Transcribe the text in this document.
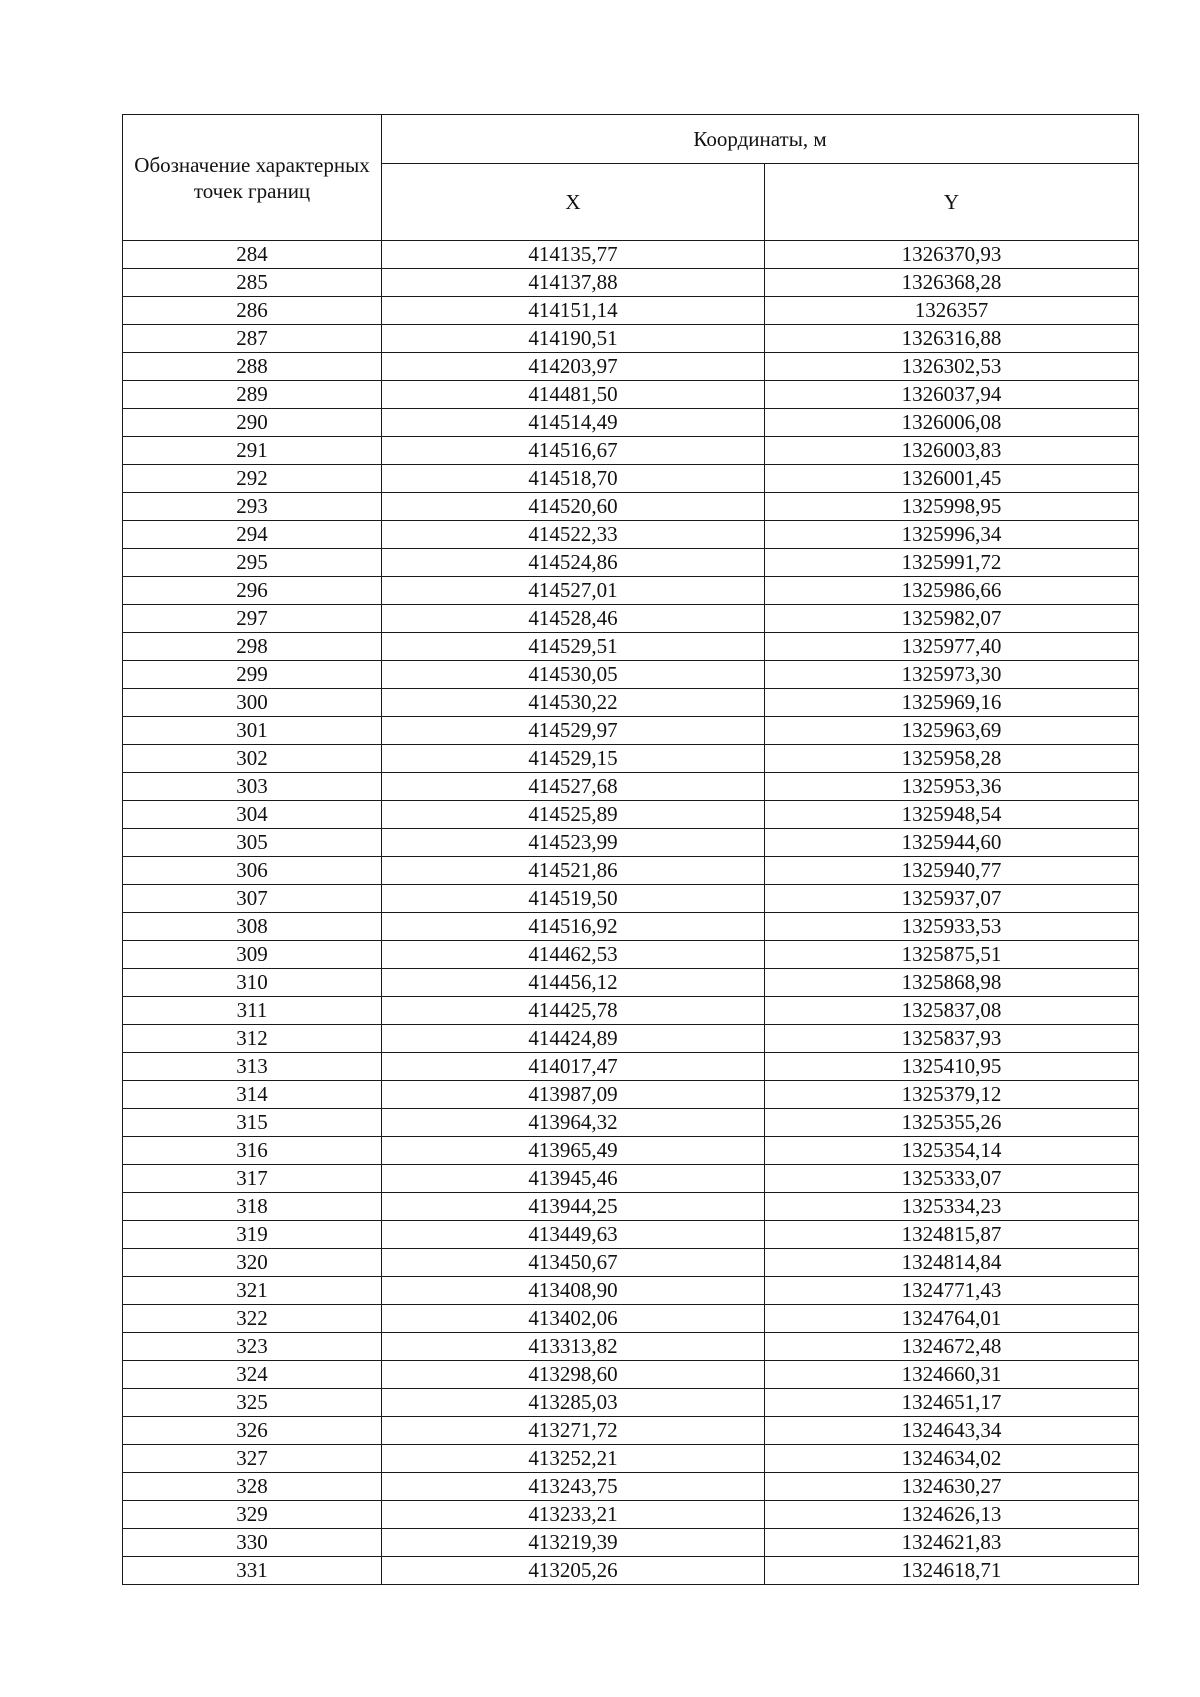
Обозначение характерных точек границ	Координаты, м	
	X	Y
284	414135,77	1326370,93
285	414137,88	1326368,28
286	414151,14	1326357
287	414190,51	1326316,88
288	414203,97	1326302,53
289	414481,50	1326037,94
290	414514,49	1326006,08
291	414516,67	1326003,83
292	414518,70	1326001,45
293	414520,60	1325998,95
294	414522,33	1325996,34
295	414524,86	1325991,72
296	414527,01	1325986,66
297	414528,46	1325982,07
298	414529,51	1325977,40
299	414530,05	1325973,30
300	414530,22	1325969,16
301	414529,97	1325963,69
302	414529,15	1325958,28
303	414527,68	1325953,36
304	414525,89	1325948,54
305	414523,99	1325944,60
306	414521,86	1325940,77
307	414519,50	1325937,07
308	414516,92	1325933,53
309	414462,53	1325875,51
310	414456,12	1325868,98
311	414425,78	1325837,08
312	414424,89	1325837,93
313	414017,47	1325410,95
314	413987,09	1325379,12
315	413964,32	1325355,26
316	413965,49	1325354,14
317	413945,46	1325333,07
318	413944,25	1325334,23
319	413449,63	1324815,87
320	413450,67	1324814,84
321	413408,90	1324771,43
322	413402,06	1324764,01
323	413313,82	1324672,48
324	413298,60	1324660,31
325	413285,03	1324651,17
326	413271,72	1324643,34
327	413252,21	1324634,02
328	413243,75	1324630,27
329	413233,21	1324626,13
330	413219,39	1324621,83
331	413205,26	1324618,71
